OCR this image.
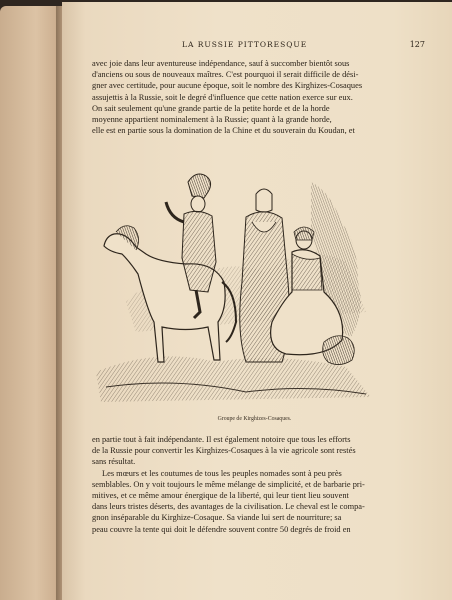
LA RUSSIE PITTORESQUE	127
avec joie dans leur aventureuse indépendance, sauf à succomber bientôt sous
d'anciens ou sous de nouveaux maîtres. C'est pourquoi il serait difficile de dési-
gner avec certitude, pour aucune époque, soit le nombre des Kirghizes-Cosaques
assujettis à la Russie, soit le degré d'influence que cette nation exerce sur eux.
On sait seulement qu'une grande partie de la petite horde et de la horde
moyenne appartient nominalement à la Russie; quant à la grande horde,
elle est en partie sous la domination de la Chine et du souverain du Koudan, et
Groupe de Kirghizes-Cosaques.
en partie tout à fait indépendante. Il est également notoire que tous les efforts
de la Russie pour convertir les Kirghizes-Cosaques à la vie agricole sont restés
sans résultat.
Les mœurs et les coutumes de tous les peuples nomades sont à peu près
semblables. On y voit toujours le même mélange de simplicité, et de barbarie pri-
mitives, et ce même amour énergique de la liberté, qui leur tient lieu souvent
dans leurs tristes déserts, des avantages de la civilisation. Le cheval est le compa-
gnon inséparable du Kirghize-Cosaque. Sa viande lui sert de nourriture; sa
peau couvre la tente qui doit le défendre souvent contre 50 degrés de froid en
